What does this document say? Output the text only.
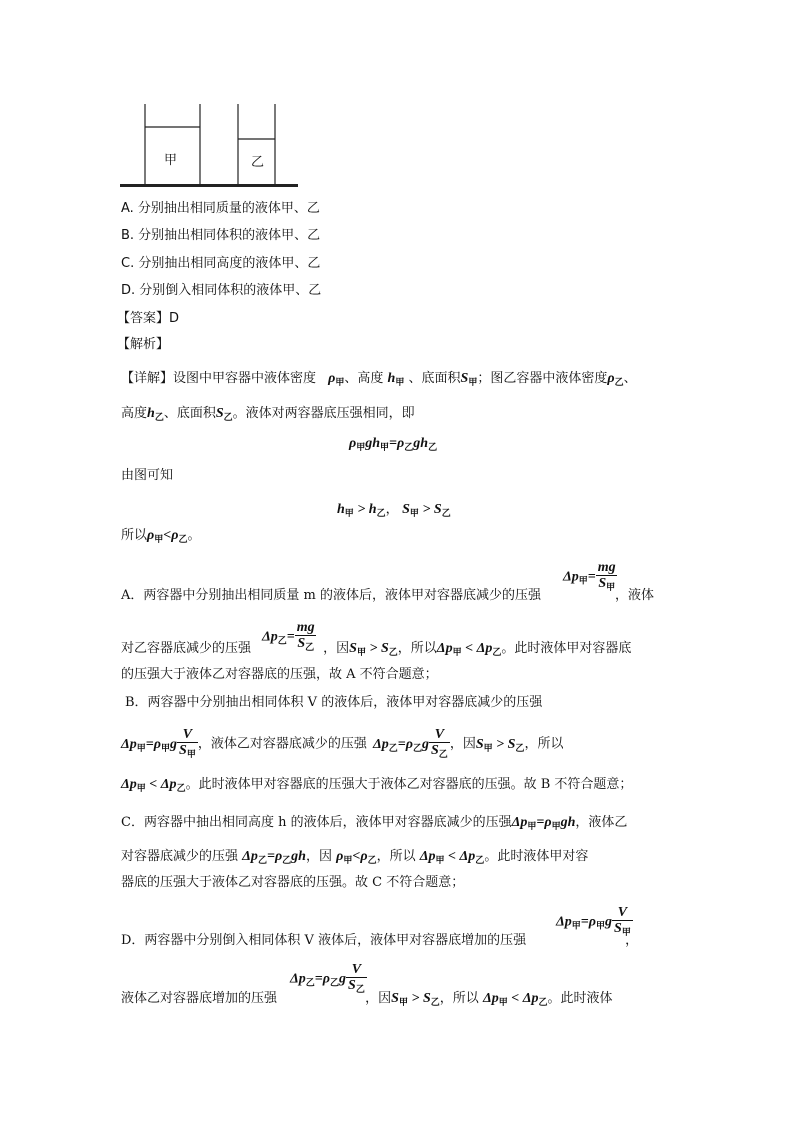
甲	乙
A. 分别抽出相同质量的液体甲、乙
B. 分别抽出相同体积的液体甲、乙
C. 分别抽出相同高度的液体甲、乙
D. 分别倒入相同体积的液体甲、乙
【答案】D
【解析】
【详解】设图中甲容器中液体密度 $\rho_甲$、高度 $h_甲$ 、底面积$S_甲$；图乙容器中液体密度$\rho_乙$、
高度$h_乙$、底面积$S_乙$。液体对两容器底压强相同，即
$\rho_甲gh_甲=\rho_乙gh_乙$
由图可知
$h_甲 > h_乙$， $S_甲 > S_乙$
所以$\rho_甲<\rho_乙$。
$\Delta p_甲= \frac{mg}{S_甲}$
A．两容器中分别抽出相同质量 m 的液体后，液体甲对容器底减少的压强	，液体
$\Delta p_乙= \frac{mg}{S_乙}$
对乙容器底减少的压强	，因$S_甲 > S_乙$，所以$\Delta p_甲 < \Delta p_乙$。此时液体甲对容器底
的压强大于液体乙对容器底的压强，故 A 不符合题意；
B．两容器中分别抽出相同体积 V 的液体后，液体甲对容器底减少的压强
$\Delta p_甲=\rho_甲g \frac{V}{S_甲}$ ，液体乙对容器底减少的压强 $\Delta p_乙=\rho_乙g \frac{V}{S_乙}$ ，因$S_甲 > S_乙$，所以
$\Delta p_甲 < \Delta p_乙$。此时液体甲对容器底的压强大于液体乙对容器底的压强。故 B 不符合题意；
C．两容器中抽出相同高度 h 的液体后，液体甲对容器底减少的压强$\Delta p_甲=\rho_甲gh$，液体乙
对容器底减少的压强 $\Delta p_乙=\rho_乙gh$，因 $\rho_甲<\rho_乙$，所以 $\Delta p_甲 < \Delta p_乙$。此时液体甲对容
器底的压强大于液体乙对容器底的压强。故 C 不符合题意；
$\Delta p_甲=\rho_甲g \frac{V}{S_甲}$
D．两容器中分别倒入相同体积 V 液体后，液体甲对容器底增加的压强	，
$\Delta p_乙=\rho_乙g \frac{V}{S_乙}$
液体乙对容器底增加的压强	，因$S_甲 > S_乙$，所以 $\Delta p_甲 < \Delta p_乙$。此时液体
